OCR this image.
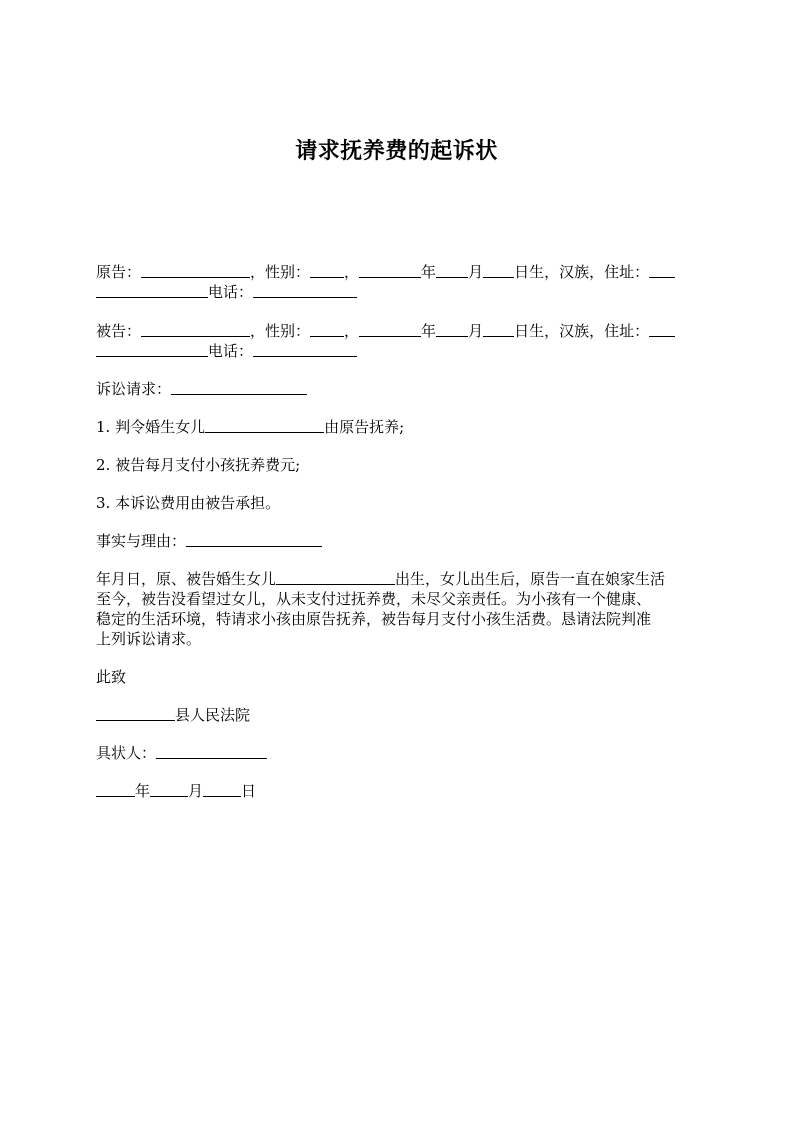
请求抚养费的起诉状
原告：	，性别： ，	年 月 日生，汉族，住址：
电话：
被告：	，性别： ，	年 月 日生，汉族，住址：
电话：

诉讼请求：

1. 判令婚生女儿	由原告抚养;

2. 被告每月支付小孩抚养费元;

3. 本诉讼费用由被告承担。

事实与理由：

年月日，原、被告婚生女儿	出生，女儿出生后，原告一直在娘家生活
至今，被告没看望过女儿，从未支付过抚养费，未尽父亲责任。为小孩有一个健康、
稳定的生活环境，特请求小孩由原告抚养，被告每月支付小孩生活费。恳请法院判准
上列诉讼请求。

此致

县人民法院

具状人：

年	月	日
